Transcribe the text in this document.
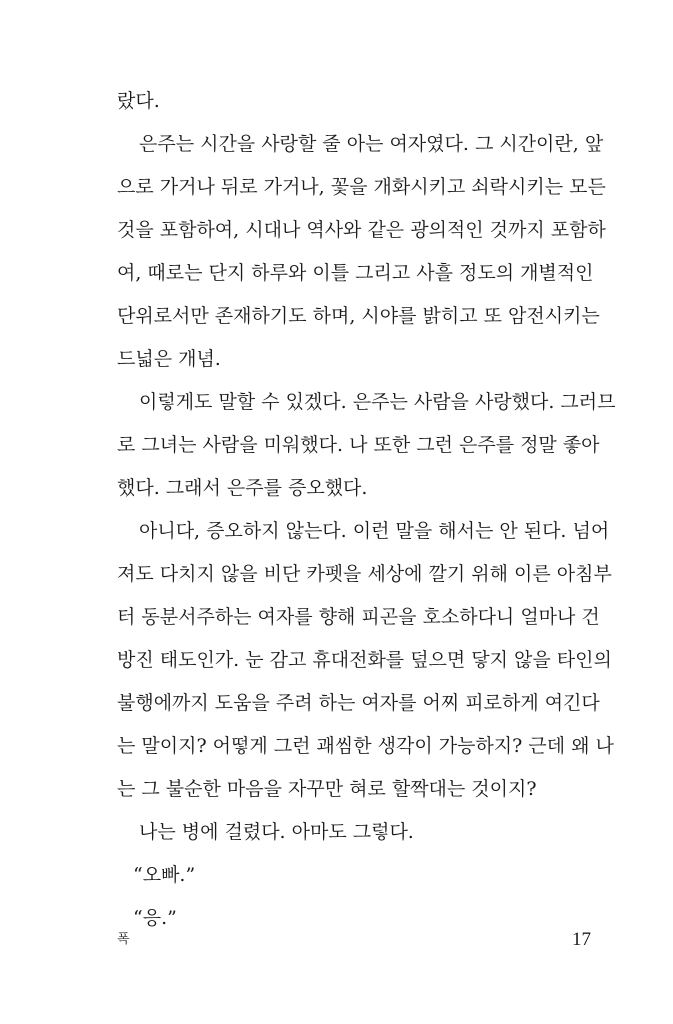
랐다.
은주는 시간을 사랑할 줄 아는 여자였다. 그 시간이란, 앞
으로 가거나 뒤로 가거나, 꽃을 개화시키고 쇠락시키는 모든
것을 포함하여, 시대나 역사와 같은 광의적인 것까지 포함하
여, 때로는 단지 하루와 이틀 그리고 사흘 정도의 개별적인
단위로서만 존재하기도 하며, 시야를 밝히고 또 암전시키는
드넓은 개념.
이렇게도 말할 수 있겠다. 은주는 사람을 사랑했다. 그러므
로 그녀는 사람을 미워했다. 나 또한 그런 은주를 정말 좋아
했다. 그래서 은주를 증오했다.
아니다, 증오하지 않는다. 이런 말을 해서는 안 된다. 넘어
져도 다치지 않을 비단 카펫을 세상에 깔기 위해 이른 아침부
터 동분서주하는 여자를 향해 피곤을 호소하다니 얼마나 건
방진 태도인가. 눈 감고 휴대전화를 덮으면 닿지 않을 타인의
불행에까지 도움을 주려 하는 여자를 어찌 피로하게 여긴다
는 말이지? 어떻게 그런 괘씸한 생각이 가능하지? 근데 왜 나
는 그 불순한 마음을 자꾸만 혀로 할짝대는 것이지?
나는 병에 걸렸다. 아마도 그렇다.
“오빠.”
“응.”
폭	17
